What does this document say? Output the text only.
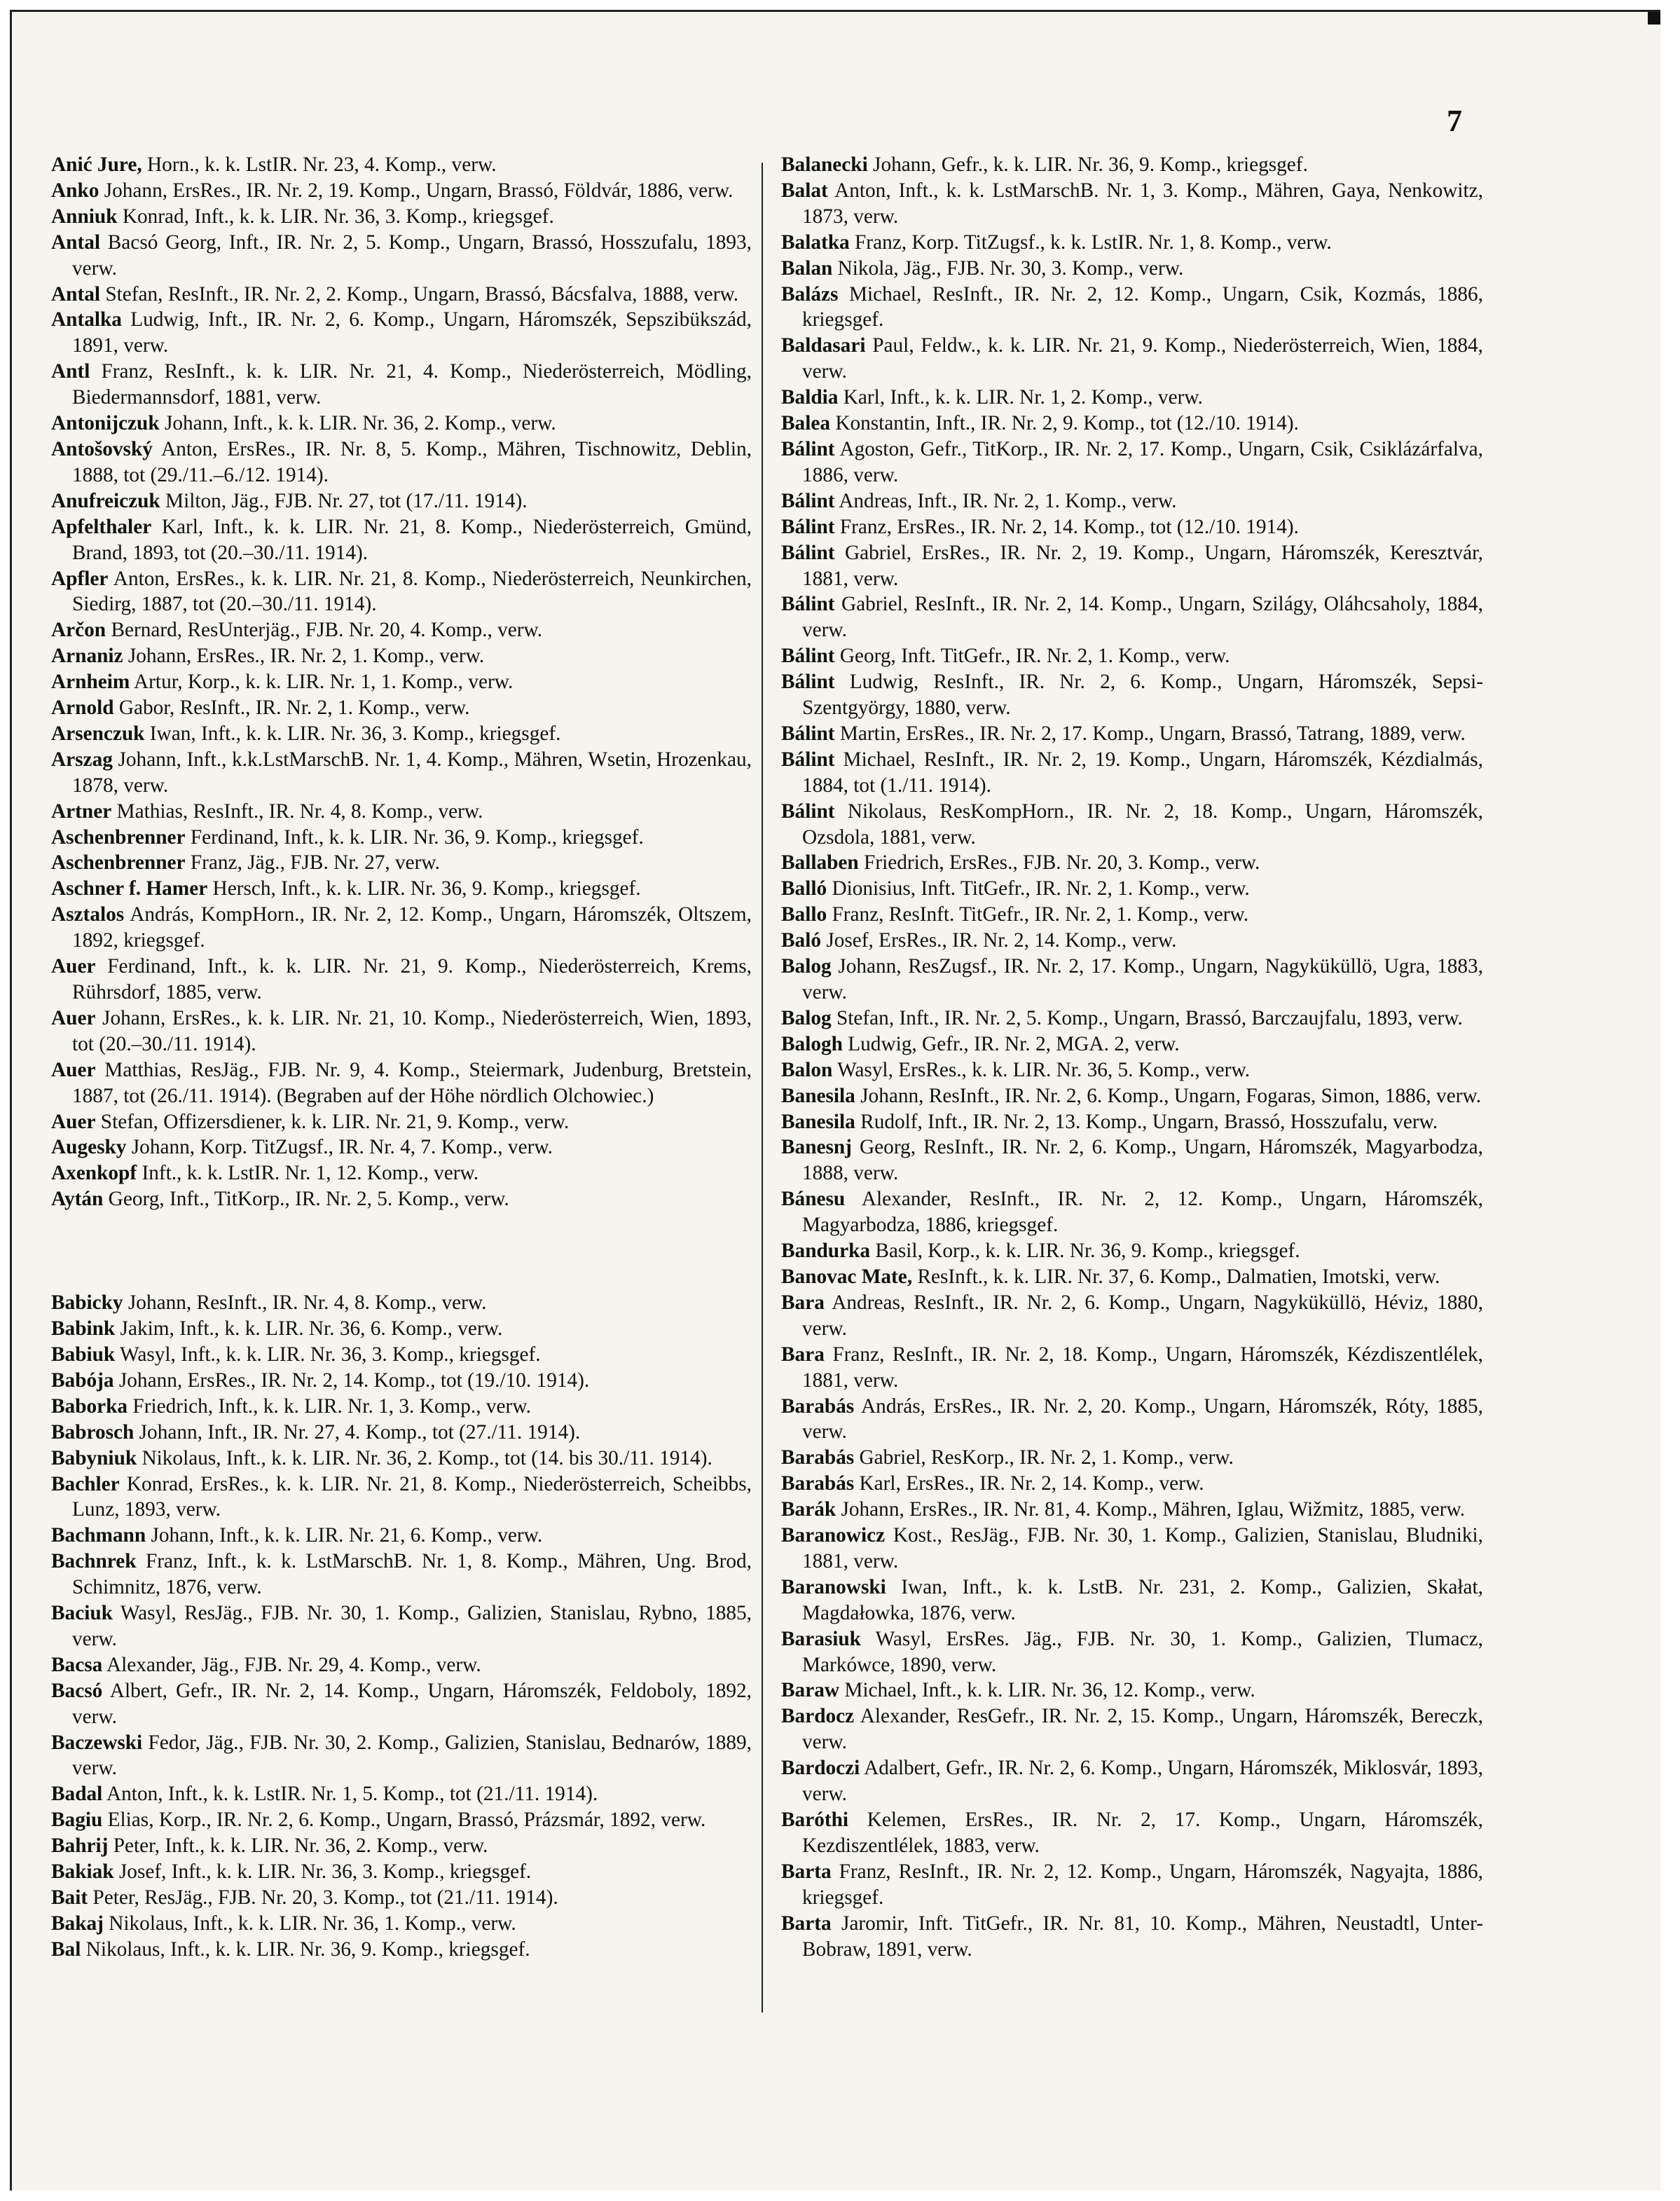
7
Anić Jure, Horn., k. k. LstIR. Nr. 23, 4. Komp., verw.
Anko Johann, ErsRes., IR. Nr. 2, 19. Komp., Ungarn, Brassó, Földvár, 1886, verw.
Anniuk Konrad, Inft., k. k. LIR. Nr. 36, 3. Komp., kriegsgef.
Antal Bacsó Georg, Inft., IR. Nr. 2, 5. Komp., Ungarn, Brassó, Hosszufalu, 1893, verw.
Antal Stefan, ResInft., IR. Nr. 2, 2. Komp., Ungarn, Brassó, Bácsfalva, 1888, verw.
Antalka Ludwig, Inft., IR. Nr. 2, 6. Komp., Ungarn, Háromszék, Sepszibükszád, 1891, verw.
Antl Franz, ResInft., k. k. LIR. Nr. 21, 4. Komp., Niederösterreich, Mödling, Biedermannsdorf, 1881, verw.
Antonijczuk Johann, Inft., k. k. LIR. Nr. 36, 2. Komp., verw.
Antošovský Anton, ErsRes., IR. Nr. 8, 5. Komp., Mähren, Tischnowitz, Deblin, 1888, tot (29./11.–6./12. 1914).
Anufreiczuk Milton, Jäg., FJB. Nr. 27, tot (17./11. 1914).
Apfelthaler Karl, Inft., k. k. LIR. Nr. 21, 8. Komp., Niederösterreich, Gmünd, Brand, 1893, tot (20.–30./11. 1914).
Apfler Anton, ErsRes., k. k. LIR. Nr. 21, 8. Komp., Niederösterreich, Neunkirchen, Siedirg, 1887, tot (20.–30./11. 1914).
Arčon Bernard, ResUnterjäg., FJB. Nr. 20, 4. Komp., verw.
Arnaniz Johann, ErsRes., IR. Nr. 2, 1. Komp., verw.
Arnheim Artur, Korp., k. k. LIR. Nr. 1, 1. Komp., verw.
Arnold Gabor, ResInft., IR. Nr. 2, 1. Komp., verw.
Arsenczuk Iwan, Inft., k. k. LIR. Nr. 36, 3. Komp., kriegsgef.
Arszag Johann, Inft., k.k.LstMarschB. Nr. 1, 4. Komp., Mähren, Wsetin, Hrozenkau, 1878, verw.
Artner Mathias, ResInft., IR. Nr. 4, 8. Komp., verw.
Aschenbrenner Ferdinand, Inft., k. k. LIR. Nr. 36, 9. Komp., kriegsgef.
Aschenbrenner Franz, Jäg., FJB. Nr. 27, verw.
Aschner f. Hamer Hersch, Inft., k. k. LIR. Nr. 36, 9. Komp., kriegsgef.
Asztalos András, KompHorn., IR. Nr. 2, 12. Komp., Ungarn, Háromszék, Oltszem, 1892, kriegsgef.
Auer Ferdinand, Inft., k. k. LIR. Nr. 21, 9. Komp., Niederösterreich, Krems, Rührsdorf, 1885, verw.
Auer Johann, ErsRes., k. k. LIR. Nr. 21, 10. Komp., Niederösterreich, Wien, 1893, tot (20.–30./11. 1914).
Auer Matthias, ResJäg., FJB. Nr. 9, 4. Komp., Steiermark, Judenburg, Bretstein, 1887, tot (26./11. 1914). (Begraben auf der Höhe nördlich Olchowiec.)
Auer Stefan, Offizersdiener, k. k. LIR. Nr. 21, 9. Komp., verw.
Augesky Johann, Korp. TitZugsf., IR. Nr. 4, 7. Komp., verw.
Axenkopf Inft., k. k. LstIR. Nr. 1, 12. Komp., verw.
Aytán Georg, Inft., TitKorp., IR. Nr. 2, 5. Komp., verw.
Babicky Johann, ResInft., IR. Nr. 4, 8. Komp., verw.
Babink Jakim, Inft., k. k. LIR. Nr. 36, 6. Komp., verw.
Babiuk Wasyl, Inft., k. k. LIR. Nr. 36, 3. Komp., kriegsgef.
Babója Johann, ErsRes., IR. Nr. 2, 14. Komp., tot (19./10. 1914).
Baborka Friedrich, Inft., k. k. LIR. Nr. 1, 3. Komp., verw.
Babrosch Johann, Inft., IR. Nr. 27, 4. Komp., tot (27./11. 1914).
Babyniuk Nikolaus, Inft., k. k. LIR. Nr. 36, 2. Komp., tot (14. bis 30./11. 1914).
Bachler Konrad, ErsRes., k. k. LIR. Nr. 21, 8. Komp., Niederösterreich, Scheibbs, Lunz, 1893, verw.
Bachmann Johann, Inft., k. k. LIR. Nr. 21, 6. Komp., verw.
Bachnrek Franz, Inft., k. k. LstMarschB. Nr. 1, 8. Komp., Mähren, Ung. Brod, Schimnitz, 1876, verw.
Baciuk Wasyl, ResJäg., FJB. Nr. 30, 1. Komp., Galizien, Stanislau, Rybno, 1885, verw.
Bacsa Alexander, Jäg., FJB. Nr. 29, 4. Komp., verw.
Bacsó Albert, Gefr., IR. Nr. 2, 14. Komp., Ungarn, Háromszék, Feldoboly, 1892, verw.
Baczewski Fedor, Jäg., FJB. Nr. 30, 2. Komp., Galizien, Stanislau, Bednarów, 1889, verw.
Badal Anton, Inft., k. k. LstIR. Nr. 1, 5. Komp., tot (21./11. 1914).
Bagiu Elias, Korp., IR. Nr. 2, 6. Komp., Ungarn, Brassó, Prázsmár, 1892, verw.
Bahrij Peter, Inft., k. k. LIR. Nr. 36, 2. Komp., verw.
Bakiak Josef, Inft., k. k. LIR. Nr. 36, 3. Komp., kriegsgef.
Bait Peter, ResJäg., FJB. Nr. 20, 3. Komp., tot (21./11. 1914).
Bakaj Nikolaus, Inft., k. k. LIR. Nr. 36, 1. Komp., verw.
Bal Nikolaus, Inft., k. k. LIR. Nr. 36, 9. Komp., kriegsgef.
Balanecki Johann, Gefr., k. k. LIR. Nr. 36, 9. Komp., kriegsgef.
Balat Anton, Inft., k. k. LstMarschB. Nr. 1, 3. Komp., Mähren, Gaya, Nenkowitz, 1873, verw.
Balatka Franz, Korp. TitZugsf., k. k. LstIR. Nr. 1, 8. Komp., verw.
Balan Nikola, Jäg., FJB. Nr. 30, 3. Komp., verw.
Balázs Michael, ResInft., IR. Nr. 2, 12. Komp., Ungarn, Csik, Kozmás, 1886, kriegsgef.
Baldasari Paul, Feldw., k. k. LIR. Nr. 21, 9. Komp., Niederösterreich, Wien, 1884, verw.
Baldia Karl, Inft., k. k. LIR. Nr. 1, 2. Komp., verw.
Balea Konstantin, Inft., IR. Nr. 2, 9. Komp., tot (12./10. 1914).
Bálint Agoston, Gefr., TitKorp., IR. Nr. 2, 17. Komp., Ungarn, Csik, Csiklázárfalva, 1886, verw.
Bálint Andreas, Inft., IR. Nr. 2, 1. Komp., verw.
Bálint Franz, ErsRes., IR. Nr. 2, 14. Komp., tot (12./10. 1914).
Bálint Gabriel, ErsRes., IR. Nr. 2, 19. Komp., Ungarn, Háromszék, Keresztvár, 1881, verw.
Bálint Gabriel, ResInft., IR. Nr. 2, 14. Komp., Ungarn, Szilágy, Oláhcsaholy, 1884, verw.
Bálint Georg, Inft. TitGefr., IR. Nr. 2, 1. Komp., verw.
Bálint Ludwig, ResInft., IR. Nr. 2, 6. Komp., Ungarn, Háromszék, Sepsi-Szentgyörgy, 1880, verw.
Bálint Martin, ErsRes., IR. Nr. 2, 17. Komp., Ungarn, Brassó, Tatrang, 1889, verw.
Bálint Michael, ResInft., IR. Nr. 2, 19. Komp., Ungarn, Háromszék, Kézdialmás, 1884, tot (1./11. 1914).
Bálint Nikolaus, ResKompHorn., IR. Nr. 2, 18. Komp., Ungarn, Háromszék, Ozsdola, 1881, verw.
Ballaben Friedrich, ErsRes., FJB. Nr. 20, 3. Komp., verw.
Balló Dionisius, Inft. TitGefr., IR. Nr. 2, 1. Komp., verw.
Ballo Franz, ResInft. TitGefr., IR. Nr. 2, 1. Komp., verw.
Baló Josef, ErsRes., IR. Nr. 2, 14. Komp., verw.
Balog Johann, ResZugsf., IR. Nr. 2, 17. Komp., Ungarn, Nagyküküllö, Ugra, 1883, verw.
Balog Stefan, Inft., IR. Nr. 2, 5. Komp., Ungarn, Brassó, Barczaujfalu, 1893, verw.
Balogh Ludwig, Gefr., IR. Nr. 2, MGA. 2, verw.
Balon Wasyl, ErsRes., k. k. LIR. Nr. 36, 5. Komp., verw.
Banesila Johann, ResInft., IR. Nr. 2, 6. Komp., Ungarn, Fogaras, Simon, 1886, verw.
Banesila Rudolf, Inft., IR. Nr. 2, 13. Komp., Ungarn, Brassó, Hosszufalu, verw.
Banesnj Georg, ResInft., IR. Nr. 2, 6. Komp., Ungarn, Háromszék, Magyarbodza, 1888, verw.
Bánesu Alexander, ResInft., IR. Nr. 2, 12. Komp., Ungarn, Háromszék, Magyarbodza, 1886, kriegsgef.
Bandurka Basil, Korp., k. k. LIR. Nr. 36, 9. Komp., kriegsgef.
Banovac Mate, ResInft., k. k. LIR. Nr. 37, 6. Komp., Dalmatien, Imotski, verw.
Bara Andreas, ResInft., IR. Nr. 2, 6. Komp., Ungarn, Nagyküküllö, Héviz, 1880, verw.
Bara Franz, ResInft., IR. Nr. 2, 18. Komp., Ungarn, Háromszék, Kézdiszentlélek, 1881, verw.
Barabás András, ErsRes., IR. Nr. 2, 20. Komp., Ungarn, Háromszék, Róty, 1885, verw.
Barabás Gabriel, ResKorp., IR. Nr. 2, 1. Komp., verw.
Barabás Karl, ErsRes., IR. Nr. 2, 14. Komp., verw.
Barák Johann, ErsRes., IR. Nr. 81, 4. Komp., Mähren, Iglau, Wižmitz, 1885, verw.
Baranowicz Kost., ResJäg., FJB. Nr. 30, 1. Komp., Galizien, Stanislau, Bludniki, 1881, verw.
Baranowski Iwan, Inft., k. k. LstB. Nr. 231, 2. Komp., Galizien, Skałat, Magdałowka, 1876, verw.
Barasiuk Wasyl, ErsRes. Jäg., FJB. Nr. 30, 1. Komp., Galizien, Tlumacz, Markówce, 1890, verw.
Baraw Michael, Inft., k. k. LIR. Nr. 36, 12. Komp., verw.
Bardocz Alexander, ResGefr., IR. Nr. 2, 15. Komp., Ungarn, Háromszék, Bereczk, verw.
Bardoczi Adalbert, Gefr., IR. Nr. 2, 6. Komp., Ungarn, Háromszék, Miklosvár, 1893, verw.
Baróthi Kelemen, ErsRes., IR. Nr. 2, 17. Komp., Ungarn, Háromszék, Kezdiszentlélek, 1883, verw.
Barta Franz, ResInft., IR. Nr. 2, 12. Komp., Ungarn, Háromszék, Nagyajta, 1886, kriegsgef.
Barta Jaromir, Inft. TitGefr., IR. Nr. 81, 10. Komp., Mähren, Neustadtl, Unter-Bobraw, 1891, verw.
